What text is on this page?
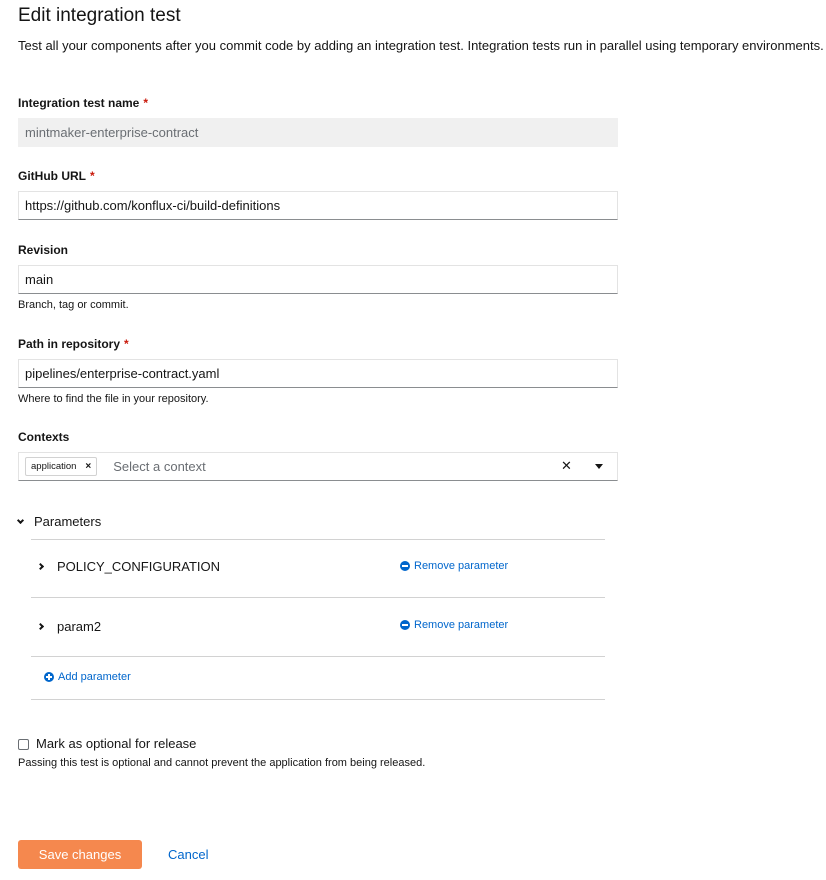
Edit integration test
Test all your components after you commit code by adding an integration test. Integration tests run in parallel using temporary environments.
Integration test name *
mintmaker-enterprise-contract
GitHub URL *
https://github.com/konflux-ci/build-definitions
Revision
main
Branch, tag or commit.
Path in repository *
pipelines/enterprise-contract.yaml
Where to find the file in your repository.
Contexts
application × Select a context	✕
Parameters
POLICY_CONFIGURATION	Remove parameter
param2	Remove parameter
Add parameter
Mark as optional for release
Passing this test is optional and cannot prevent the application from being released.
Save changes	Cancel
